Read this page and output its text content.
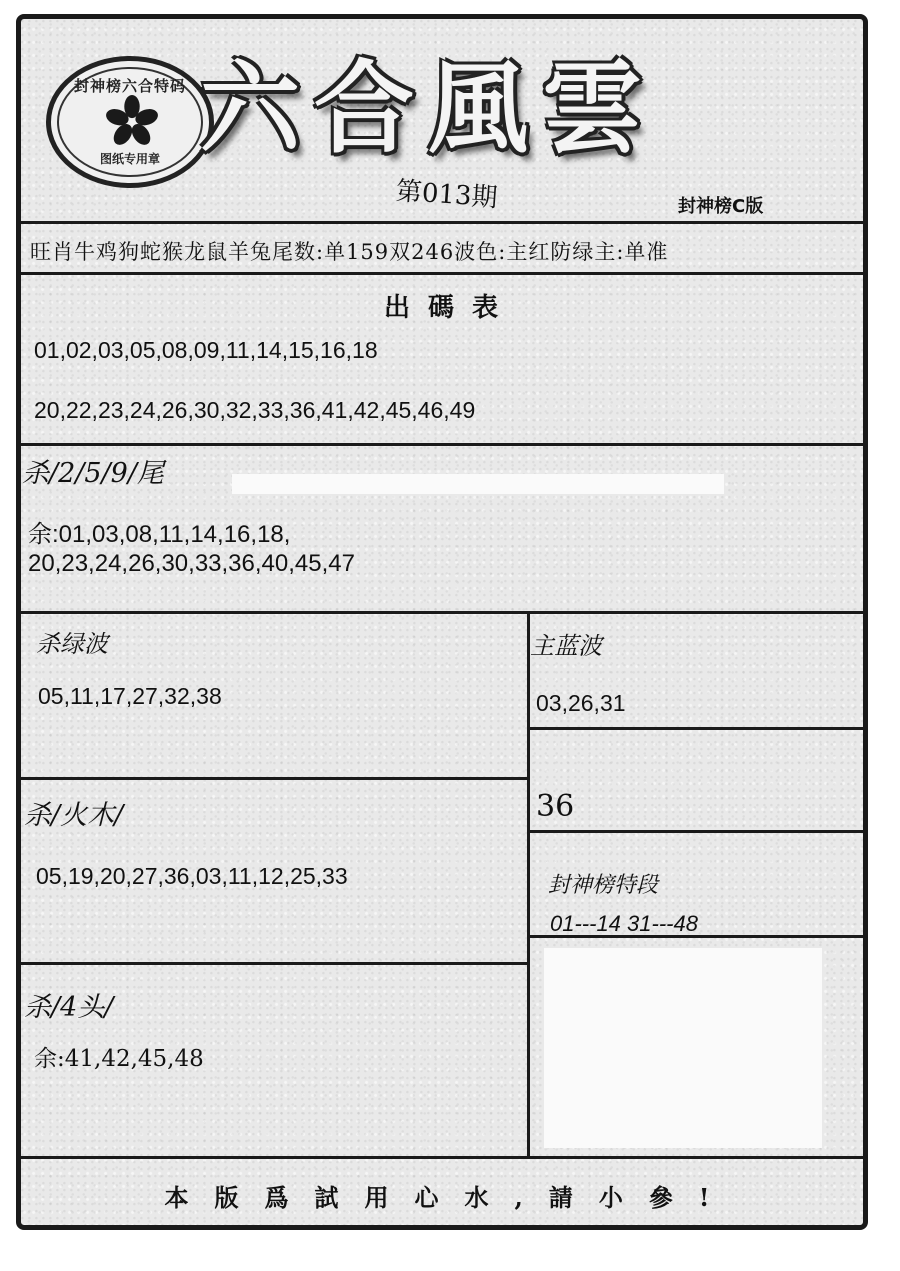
封神榜六合特码
图纸专用章 六合風雲
第013期	封神榜C版
旺肖牛鸡狗蛇猴龙鼠羊兔尾数:单159双246波色:主红防绿主:单准
出碼表
01,02,03,05,08,09,11,14,15,16,18
20,22,23,24,26,30,32,33,36,41,42,45,46,49
杀/2/5/9/尾
余:01,03,08,11,14,16,18,
20,23,24,26,30,33,36,40,45,47
杀绿波
05,11,17,27,32,38
主蓝波
03,26,31
杀/火木/
05,19,20,27,36,03,11,12,25,33
36
封神榜特段
01---14 31---48
杀/4头/
余:41,42,45,48
本版爲試用心水,請小參!
